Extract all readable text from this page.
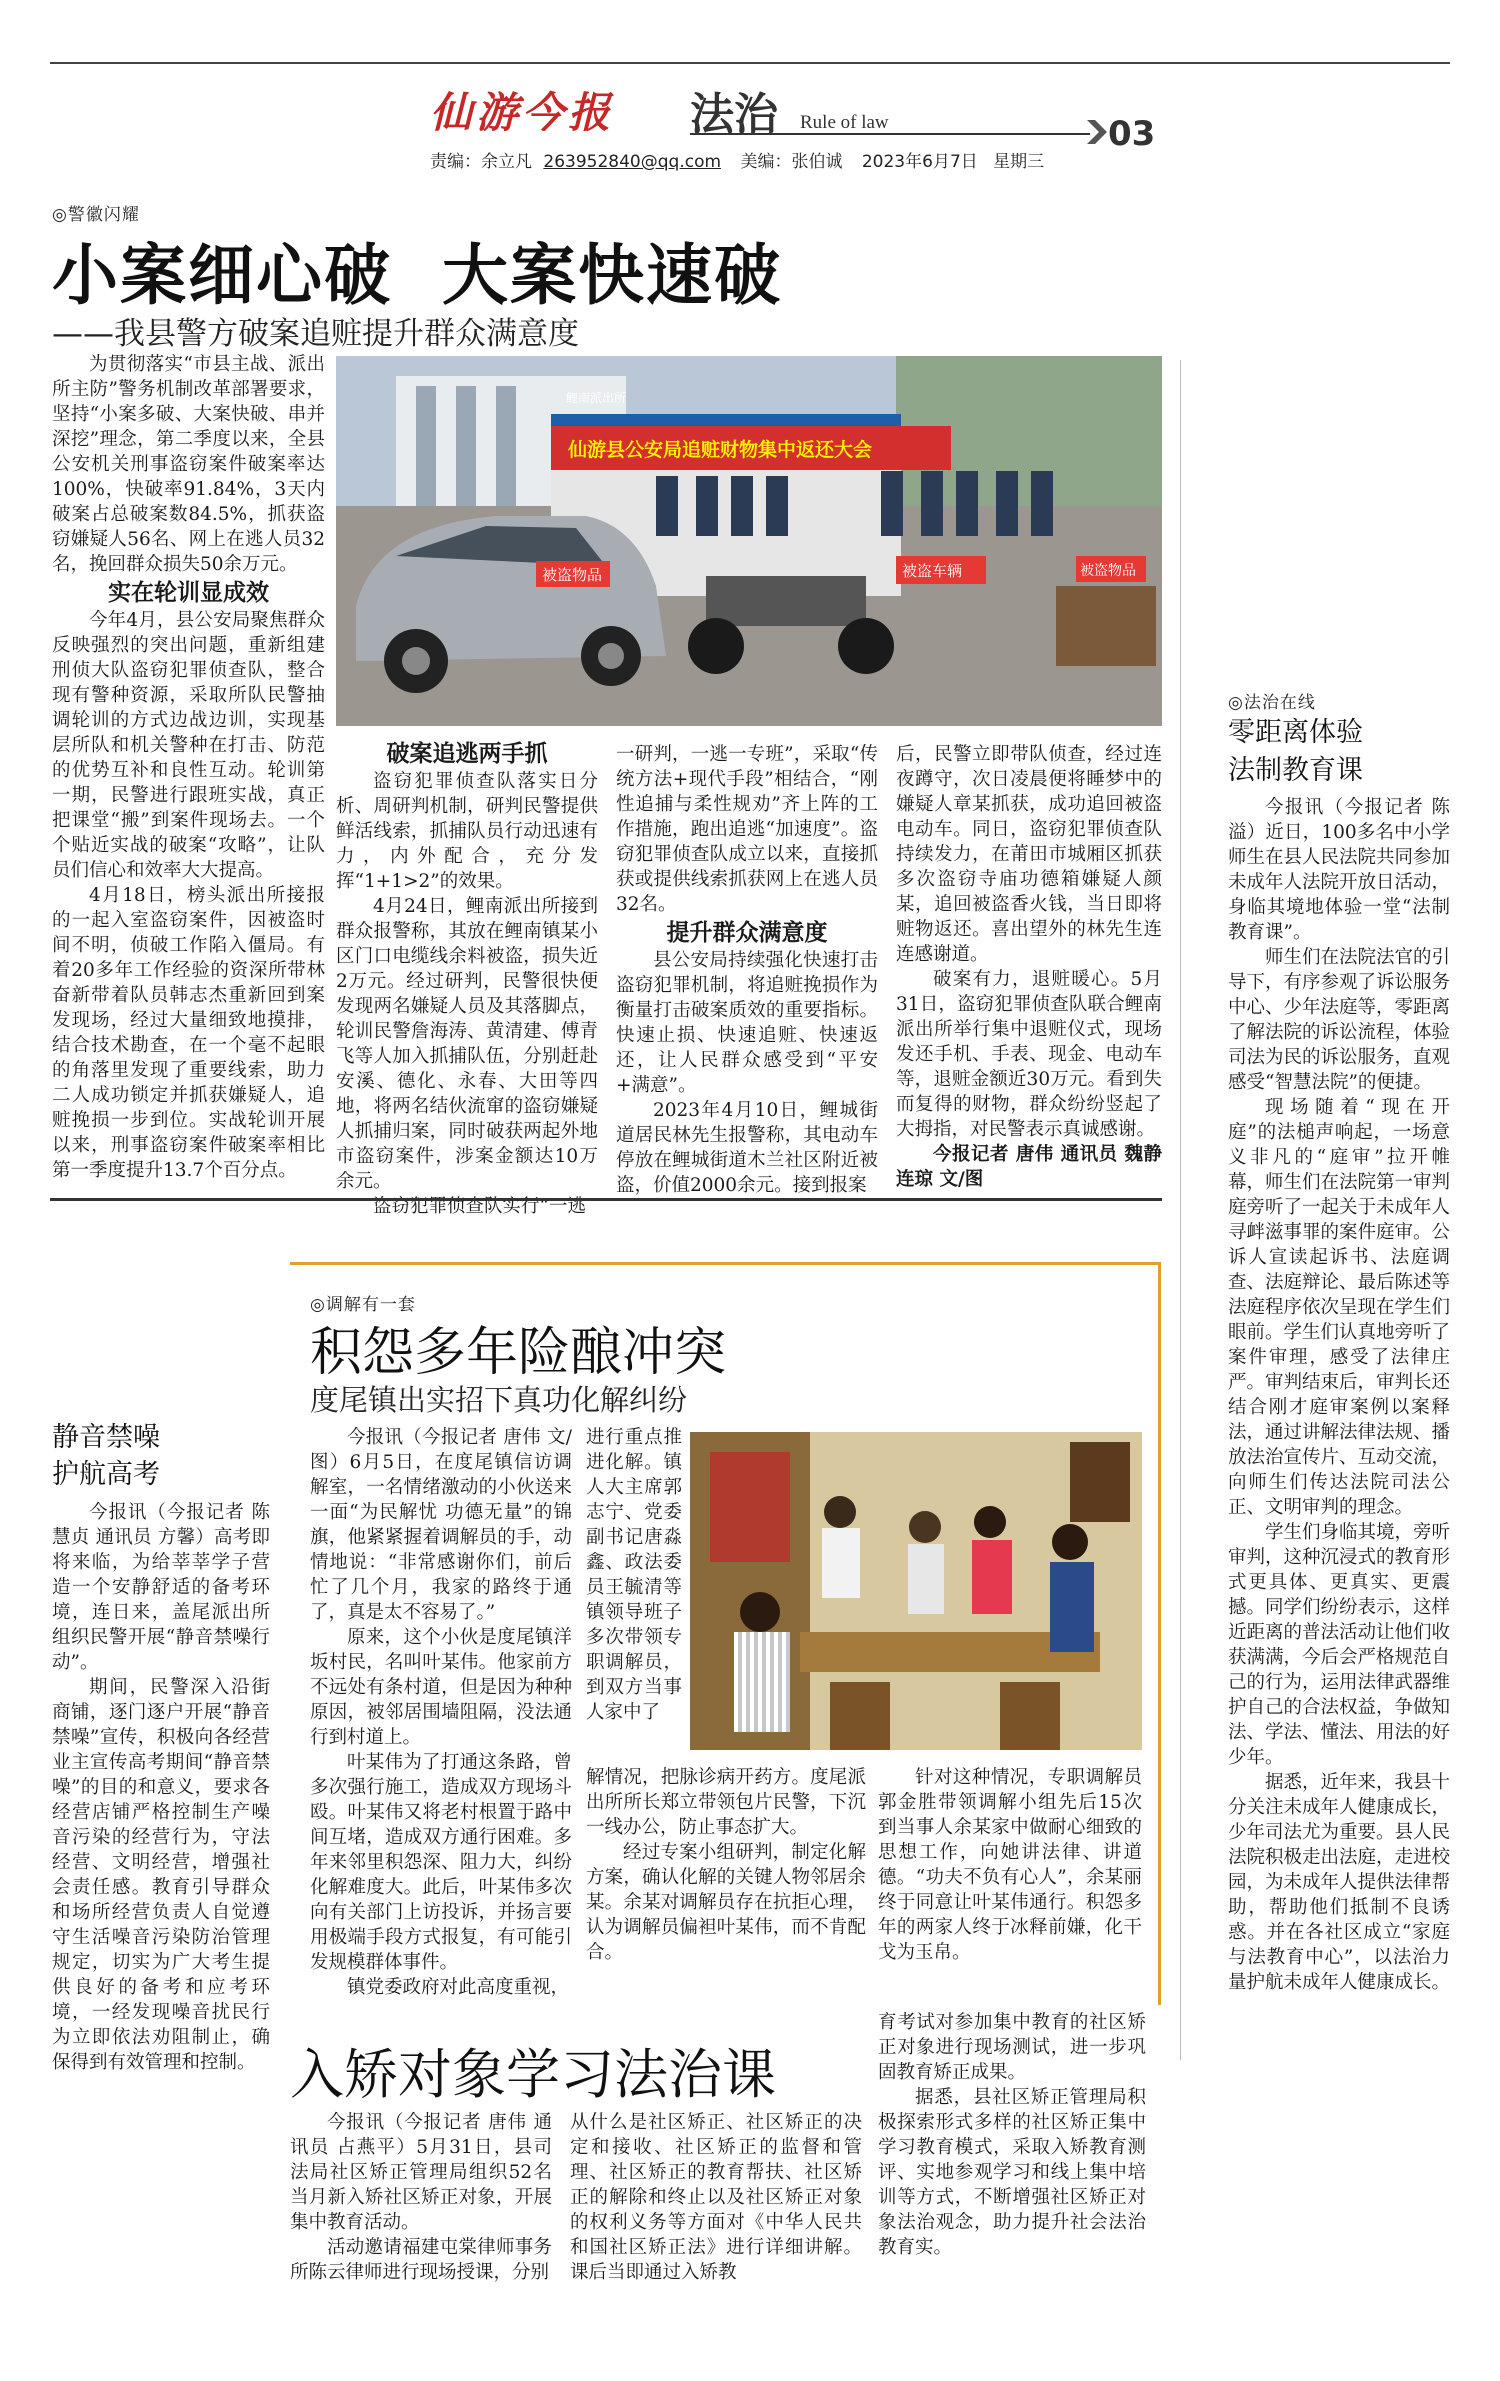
仙游今报 法治 Rule of law	03
责编：余立凡 263952840@qq.com 美编：张伯诚 2023年6月7日 星期三
◎警徽闪耀
小案细心破  大案快速破
——我县警方破案追赃提升群众满意度

为贯彻落实“市县主战、派出所主防”警务机制改革部署要求，坚持“小案多破、大案快破、串并深挖”理念，第二季度以来，全县公安机关刑事盗窃案件破案率达100%，快破率91.84%，3天内破案占总破案数84.5%，抓获盗窃嫌疑人56名、网上在逃人员32名，挽回群众损失50余万元。

实在轮训显成效

今年4月，县公安局聚焦群众反映强烈的突出问题，重新组建刑侦大队盗窃犯罪侦查队，整合现有警种资源，采取所队民警抽调轮训的方式边战边训，实现基层所队和机关警种在打击、防范的优势互补和良性互动。轮训第一期，民警进行跟班实战，真正把课堂“搬”到案件现场去。一个个贴近实战的破案“攻略”，让队员们信心和效率大大提高。

4月18日，榜头派出所接报的一起入室盗窃案件，因被盗时间不明，侦破工作陷入僵局。有着20多年工作经验的资深所带林奋新带着队员韩志杰重新回到案发现场，经过大量细致地摸排，结合技术勘查，在一个毫不起眼的角落里发现了重要线索，助力二人成功锁定并抓获嫌疑人，追赃挽损一步到位。实战轮训开展以来，刑事盗窃案件破案率相比第一季度提升13.7个百分点。

仙游县公安局追赃财物集中返还大会
被盗物品	被盗车辆	被盗物品
鲤南派出所
破案追逃两手抓

盗窃犯罪侦查队落实日分析、周研判机制，研判民警提供鲜活线索，抓捕队员行动迅速有力，内外配合，充分发挥“1+1>2”的效果。

4月24日，鲤南派出所接到群众报警称，其放在鲤南镇某小区门口电缆线余料被盗，损失近2万元。经过研判，民警很快便发现两名嫌疑人员及其落脚点，轮训民警詹海涛、黄清建、傅青飞等人加入抓捕队伍，分别赶赴安溪、德化、永春、大田等四地，将两名结伙流窜的盗窃嫌疑人抓捕归案，同时破获两起外地市盗窃案件，涉案金额达10万余元。

盗窃犯罪侦查队实行“一逃

一研判，一逃一专班”，采取“传统方法+现代手段”相结合，“刚性追捕与柔性规劝”齐上阵的工作措施，跑出追逃“加速度”。盗窃犯罪侦查队成立以来，直接抓获或提供线索抓获网上在逃人员32名。

提升群众满意度

县公安局持续强化快速打击盗窃犯罪机制，将追赃挽损作为衡量打击破案质效的重要指标。快速止损、快速追赃、快速返还，让人民群众感受到“平安+满意”。

2023年4月10日，鲤城街道居民林先生报警称，其电动车停放在鲤城街道木兰社区附近被盗，价值2000余元。接到报案

后，民警立即带队侦查，经过连夜蹲守，次日凌晨便将睡梦中的嫌疑人章某抓获，成功追回被盗电动车。同日，盗窃犯罪侦查队持续发力，在莆田市城厢区抓获多次盗窃寺庙功德箱嫌疑人颜某，追回被盗香火钱，当日即将赃物返还。喜出望外的林先生连连感谢道。

破案有力，退赃暖心。5月31日，盗窃犯罪侦查队联合鲤南派出所举行集中退赃仪式，现场发还手机、手表、现金、电动车等，退赃金额近30万元。看到失而复得的财物，群众纷纷竖起了大拇指，对民警表示真诚感谢。

今报记者 唐伟 通讯员 魏静 连琼 文/图

◎法治在线
零距离体验
法制教育课

今报讯（今报记者 陈溢）近日，100多名中小学师生在县人民法院共同参加未成年人法院开放日活动，身临其境地体验一堂“法制教育课”。

师生们在法院法官的引导下，有序参观了诉讼服务中心、少年法庭等，零距离了解法院的诉讼流程，体验司法为民的诉讼服务，直观感受“智慧法院”的便捷。

现场随着“现在开庭”的法槌声响起，一场意义非凡的“庭审”拉开帷幕，师生们在法院第一审判庭旁听了一起关于未成年人寻衅滋事罪的案件庭审。公诉人宣读起诉书、法庭调查、法庭辩论、最后陈述等法庭程序依次呈现在学生们眼前。学生们认真地旁听了案件审理，感受了法律庄严。审判结束后，审判长还结合刚才庭审案例以案释法，通过讲解法律法规、播放法治宣传片、互动交流，向师生们传达法院司法公正、文明审判的理念。

学生们身临其境，旁听审判，这种沉浸式的教育形式更具体、更真实、更震撼。同学们纷纷表示，这样近距离的普法活动让他们收获满满，今后会严格规范自己的行为，运用法律武器维护自己的合法权益，争做知法、学法、懂法、用法的好少年。

据悉，近年来，我县十分关注未成年人健康成长，少年司法尤为重要。县人民法院积极走出法庭，走进校园，为未成年人提供法律帮助，帮助他们抵制不良诱惑。并在各社区成立“家庭与法教育中心”，以法治力量护航未成年人健康成长。

静音禁噪
护航高考

今报讯（今报记者 陈慧贞 通讯员 方馨）高考即将来临，为给莘莘学子营造一个安静舒适的备考环境，连日来，盖尾派出所组织民警开展“静音禁噪行动”。

期间，民警深入沿街商铺，逐门逐户开展“静音禁噪”宣传，积极向各经营业主宣传高考期间“静音禁噪”的目的和意义，要求各经营店铺严格控制生产噪音污染的经营行为，守法经营、文明经营，增强社会责任感。教育引导群众和场所经营负责人自觉遵守生活噪音污染防治管理规定，切实为广大考生提供良好的备考和应考环境，一经发现噪音扰民行为立即依法劝阻制止，确保得到有效管理和控制。

◎调解有一套
积怨多年险酿冲突
度尾镇出实招下真功化解纠纷

今报讯（今报记者 唐伟 文/图）6月5日，在度尾镇信访调解室，一名情绪激动的小伙送来一面“为民解忧 功德无量”的锦旗，他紧紧握着调解员的手，动情地说：“非常感谢你们，前后忙了几个月，我家的路终于通了，真是太不容易了。”

原来，这个小伙是度尾镇洋坂村民，名叫叶某伟。他家前方不远处有条村道，但是因为种种原因，被邻居围墙阻隔，没法通行到村道上。

叶某伟为了打通这条路，曾多次强行施工，造成双方现场斗殴。叶某伟又将老村根置于路中间互堵，造成双方通行困难。多年来邻里积怨深、阻力大，纠纷化解难度大。此后，叶某伟多次向有关部门上访投诉，并扬言要用极端手段方式报复，有可能引发规模群体事件。

镇党委政府对此高度重视，

进行重点推进化解。镇人大主席郭志宁、党委副书记唐淼鑫、政法委员王毓清等镇领导班子多次带领专职调解员，到双方当事人家中了

解情况，把脉诊病开药方。度尾派出所所长郑立带领包片民警，下沉一线办公，防止事态扩大。

经过专案小组研判，制定化解方案，确认化解的关键人物邻居余某。余某对调解员存在抗拒心理，认为调解员偏袒叶某伟，而不肯配合。

针对这种情况，专职调解员郭金胜带领调解小组先后15次到当事人余某家中做耐心细致的思想工作，向她讲法律、讲道德。“功夫不负有心人”，余某丽终于同意让叶某伟通行。积怨多年的两家人终于冰释前嫌，化干戈为玉帛。

入矫对象学习法治课

今报讯（今报记者 唐伟 通讯员 占燕平）5月31日，县司法局社区矫正管理局组织52名当月新入矫社区矫正对象，开展集中教育活动。

活动邀请福建屯棠律师事务所陈云律师进行现场授课，分别

从什么是社区矫正、社区矫正的决定和接收、社区矫正的监督和管理、社区矫正的教育帮扶、社区矫正的解除和终止以及社区矫正对象的权利义务等方面对《中华人民共和国社区矫正法》进行详细讲解。课后当即通过入矫教

育考试对参加集中教育的社区矫正对象进行现场测试，进一步巩固教育矫正成果。

据悉，县社区矫正管理局积极探索形式多样的社区矫正集中学习教育模式，采取入矫教育测评、实地参观学习和线上集中培训等方式，不断增强社区矫正对象法治观念，助力提升社会法治教育实。
